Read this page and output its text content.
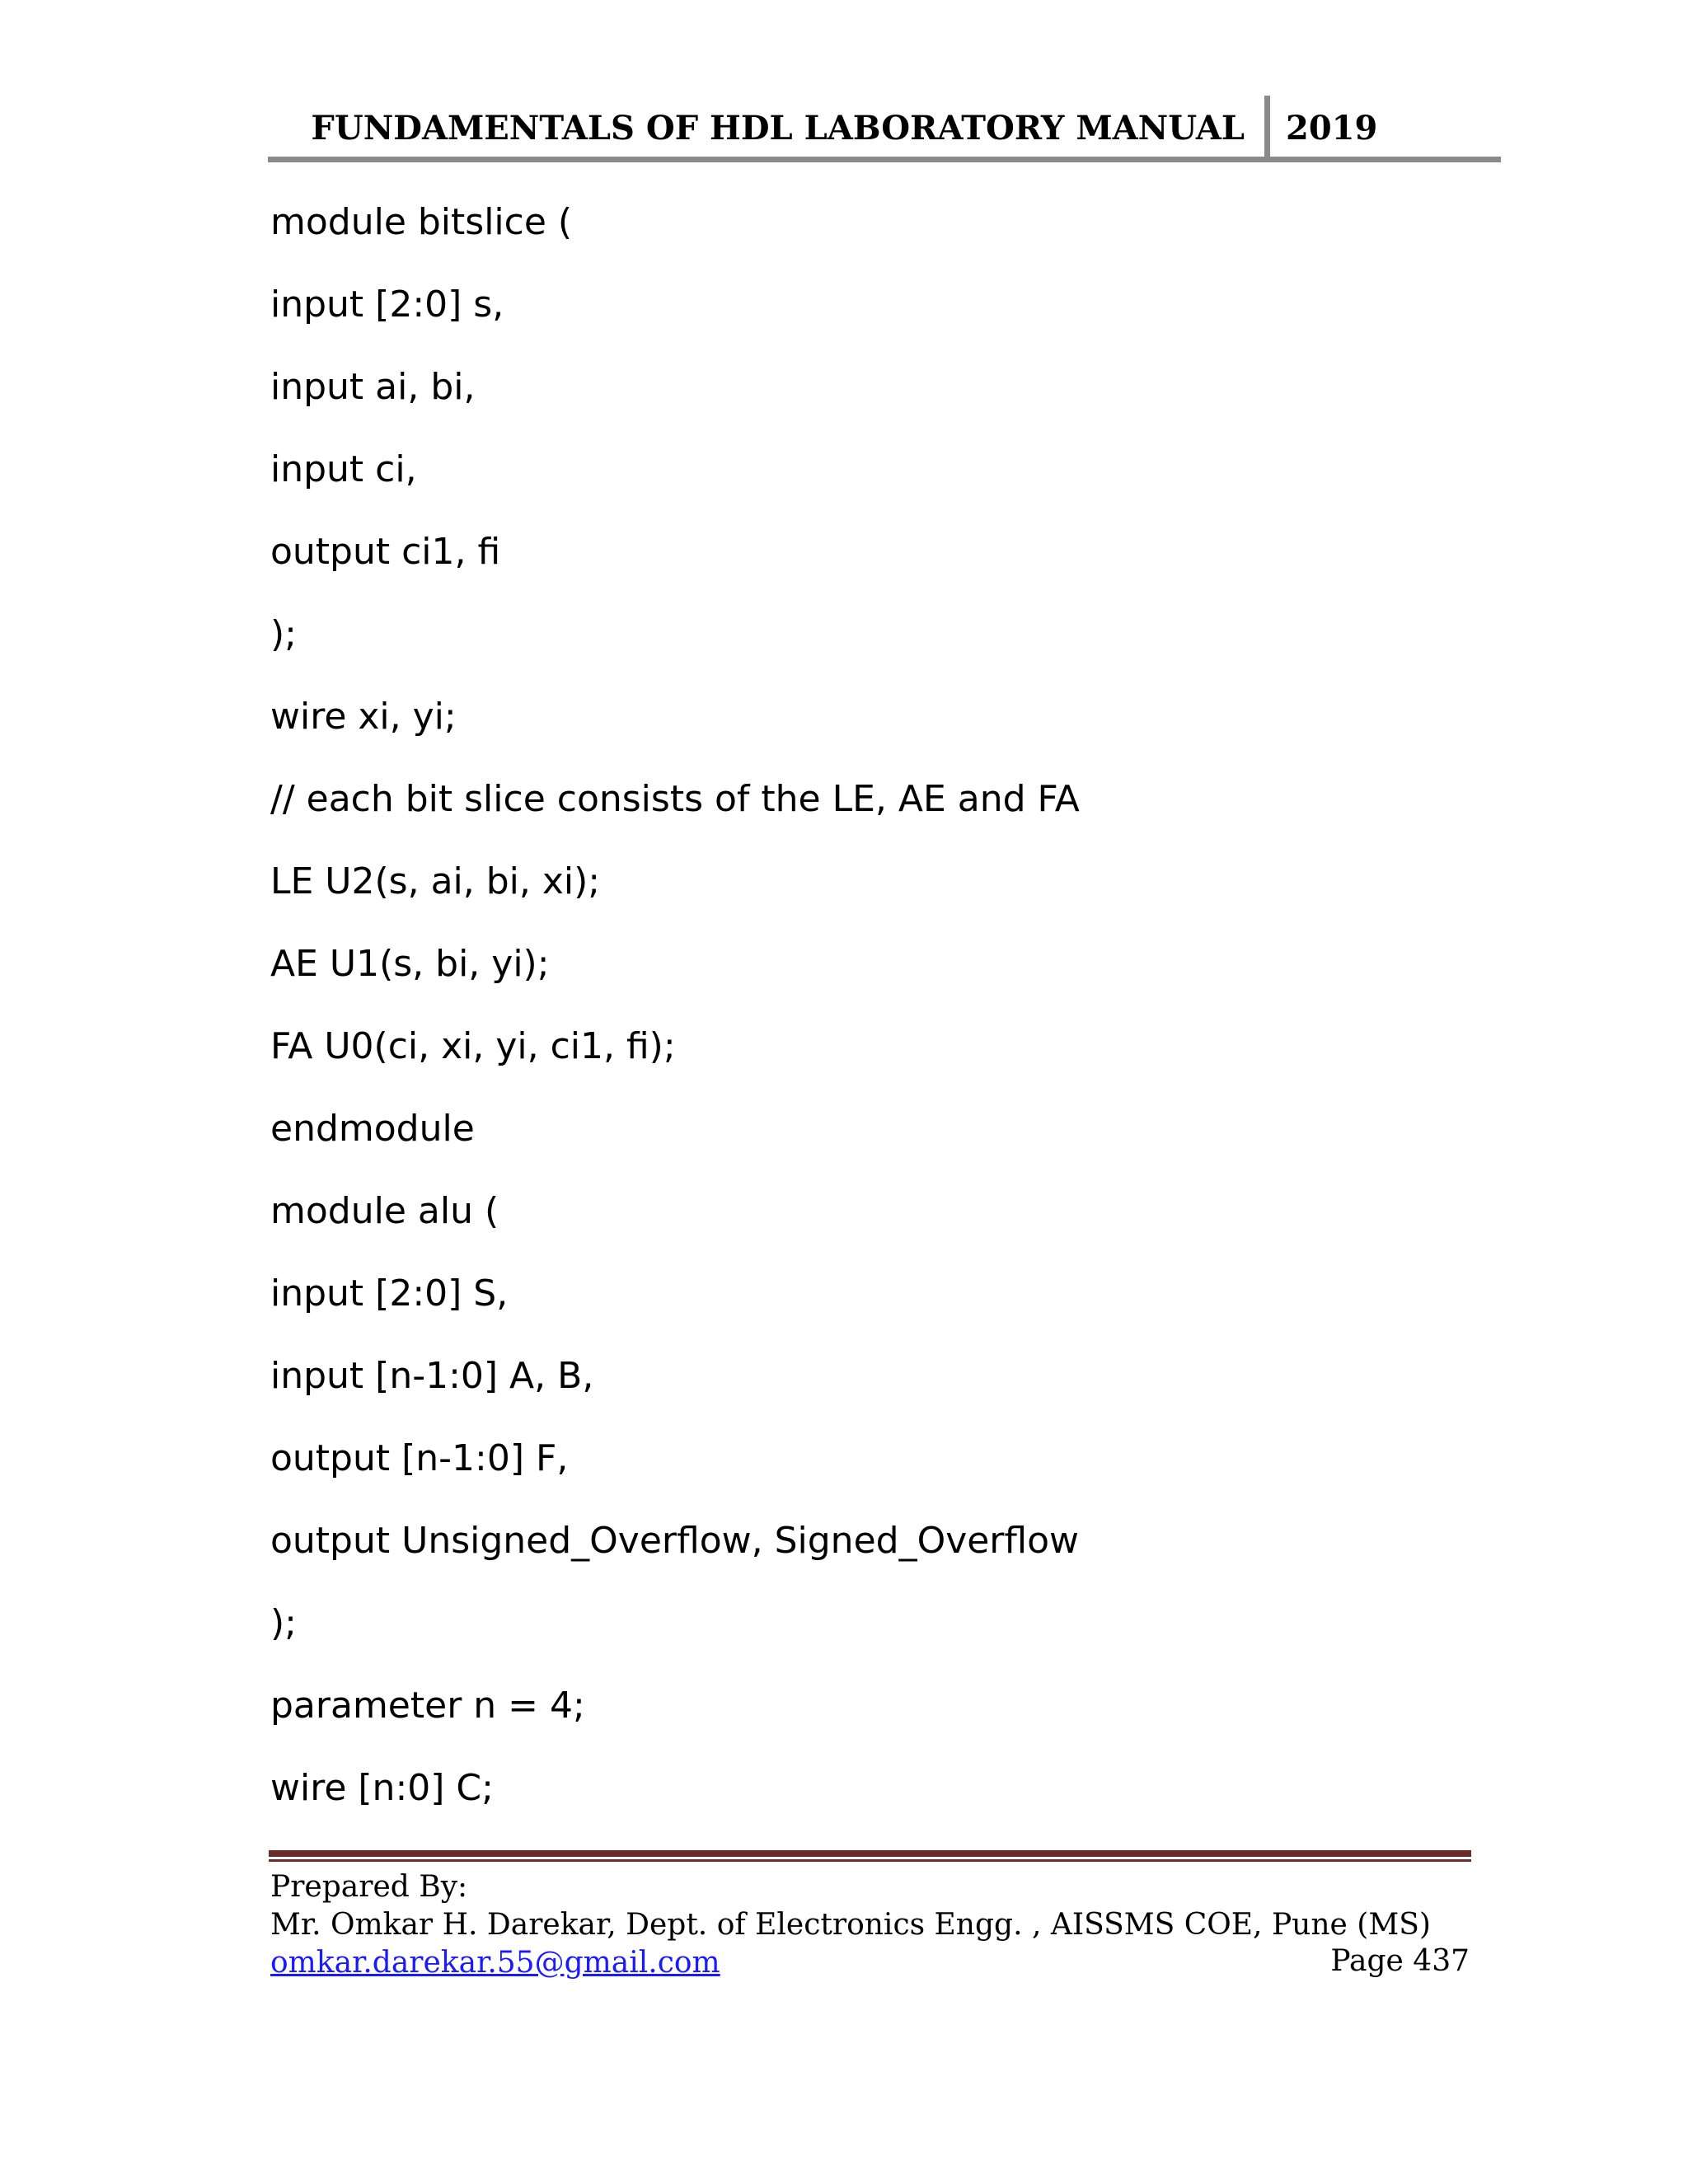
FUNDAMENTALS OF HDL LABORATORY MANUAL 2019
module bitslice (
input [2:0] s,
input ai, bi,
input ci,
output ci1, fi
);
wire xi, yi;
// each bit slice consists of the LE, AE and FA
LE U2(s, ai, bi, xi);
AE U1(s, bi, yi);
FA U0(ci, xi, yi, ci1, fi);
endmodule
module alu (
input [2:0] S,
input [n-1:0] A, B,
output [n-1:0] F,
output Unsigned_Overflow, Signed_Overflow
);
parameter n = 4;
wire [n:0] C;
Prepared By:
Mr. Omkar H. Darekar, Dept. of Electronics Engg. , AISSMS COE, Pune (MS)
omkar.darekar.55@gmail.com	Page 437
